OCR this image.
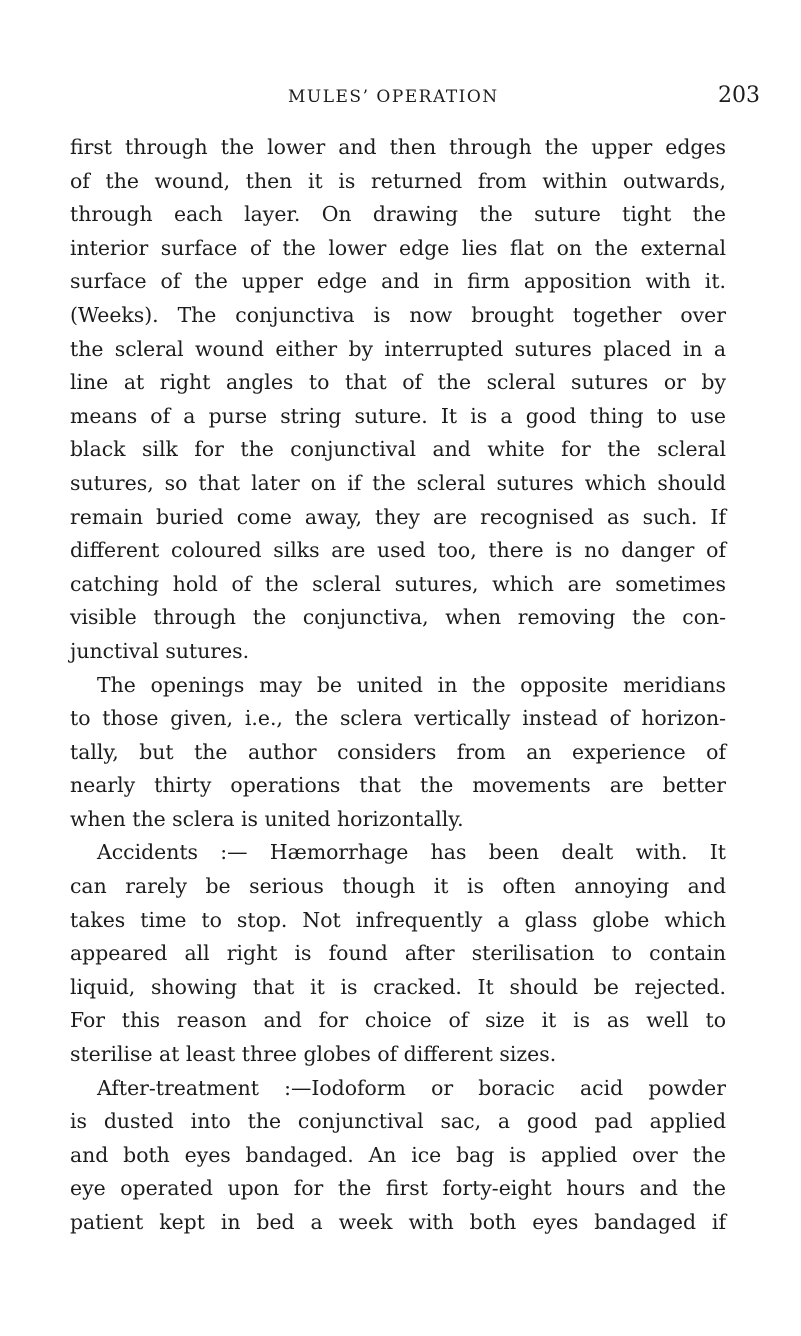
MULES’ OPERATION	203
first through the lower and then through the upper edges
of the wound, then it is returned from within outwards,
through each layer. On drawing the suture tight the
interior surface of the lower edge lies flat on the external
surface of the upper edge and in firm apposition with it.
(Weeks). The conjunctiva is now brought together over
the scleral wound either by interrupted sutures placed in a
line at right angles to that of the scleral sutures or by
means of a purse string suture. It is a good thing to use
black silk for the conjunctival and white for the scleral
sutures, so that later on if the scleral sutures which should
remain buried come away, they are recognised as such. If
different coloured silks are used too, there is no danger of
catching hold of the scleral sutures, which are sometimes
visible through the conjunctiva, when removing the con-
junctival sutures.
The openings may be united in the opposite meridians
to those given, i.e., the sclera vertically instead of horizon-
tally, but the author considers from an experience of
nearly thirty operations that the movements are better
when the sclera is united horizontally.
Accidents :— Hæmorrhage has been dealt with. It
can rarely be serious though it is often annoying and
takes time to stop. Not infrequently a glass globe which
appeared all right is found after sterilisation to contain
liquid, showing that it is cracked. It should be rejected.
For this reason and for choice of size it is as well to
sterilise at least three globes of different sizes.
After-treatment :—Iodoform or boracic acid powder
is dusted into the conjunctival sac, a good pad applied
and both eyes bandaged. An ice bag is applied over the
eye operated upon for the first forty-eight hours and the
patient kept in bed a week with both eyes bandaged if
